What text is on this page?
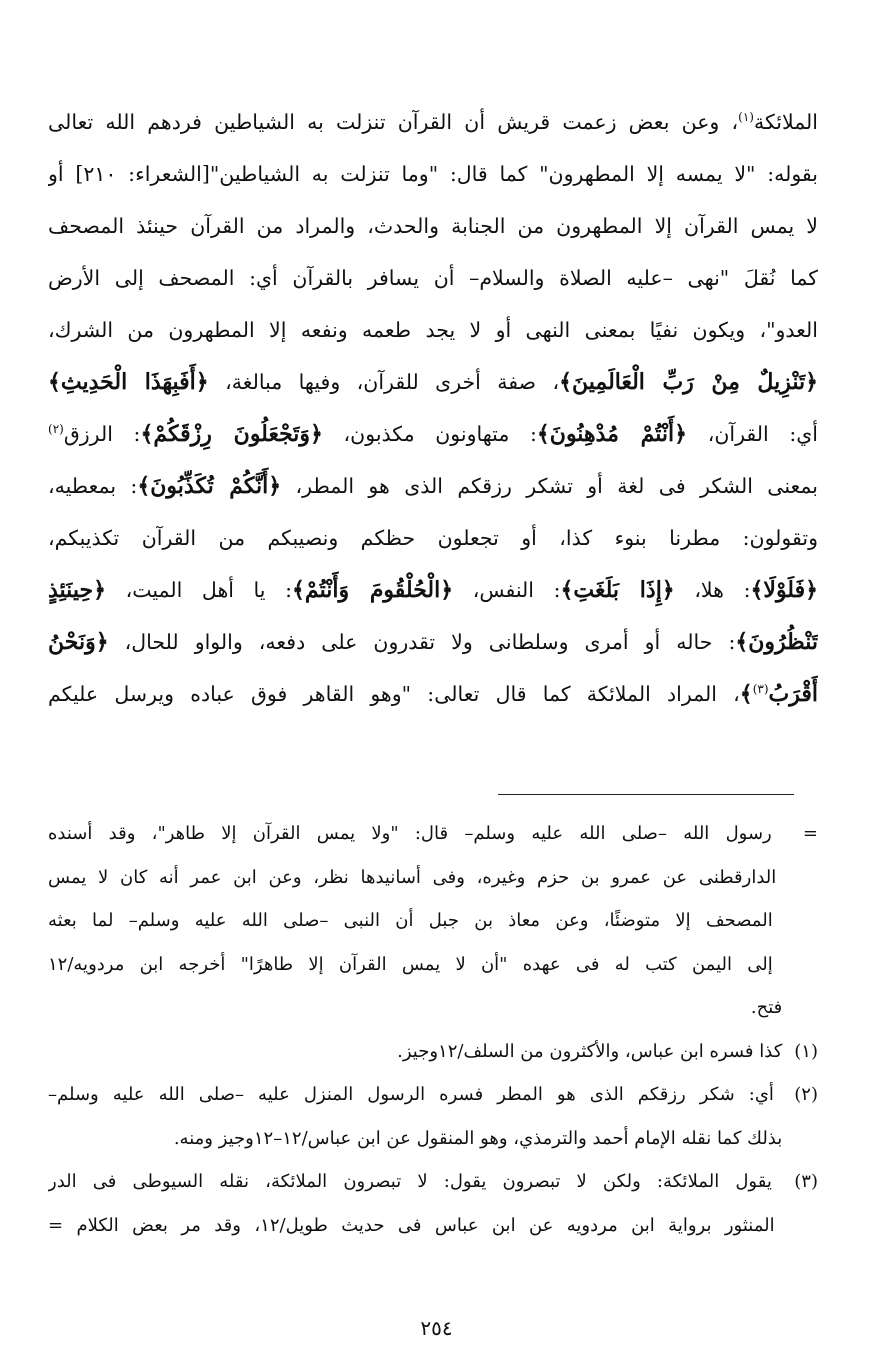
الملائكة$^{(١)}$، وعن بعض زعمت قريش أن القرآن تنزلت به الشياطين فردهم الله تعالى
بقوله: "لا يمسه إلا المطهرون" كما قال: "وما تنزلت به الشياطين"[الشعراء: ٢١٠] أو
لا يمس القرآن إلا المطهرون من الجنابة والحدث، والمراد من القرآن حينئذ المصحف
كما نُقلَ "نهى –عليه الصلاة والسلام– أن يسافر بالقرآن أي: المصحف إلى الأرض
العدو"، ويكون نفيًا بمعنى النهى أو لا يجد طعمه ونفعه إلا المطهرون من الشرك،
﴿تَنْزِيلٌ مِنْ رَبِّ الْعَالَمِينَ﴾، صفة أخرى للقرآن، وفيها مبالغة، ﴿أَفَبِهَذَا الْحَدِيثِ﴾
أي: القرآن، ﴿أَنْتُمْ مُدْهِنُونَ﴾: متهاونون مكذبون، ﴿وَتَجْعَلُونَ رِزْقَكُمْ﴾: الرزق$^{(٢)}$
بمعنى الشكر فى لغة أو تشكر رزقكم الذى هو المطر، ﴿أَنَّكُمْ تُكَذِّبُونَ﴾: بمعطيه،
وتقولون: مطرنا بنوء كذا، أو تجعلون حظكم ونصيبكم من القرآن تكذيبكم،
﴿فَلَوْلَا﴾: هلا، ﴿إِذَا بَلَغَتِ﴾: النفس، ﴿الْحُلْقُومَ وَأَنْتُمْ﴾: يا أهل الميت، ﴿حِينَئِذٍ
تَنْظُرُونَ﴾: حاله أو أمرى وسلطانى ولا تقدرون على دفعه، والواو للحال، ﴿وَنَحْنُ
أَقْرَبُ$^{(٣)}$﴾، المراد الملائكة كما قال تعالى: "وهو القاهر فوق عباده ويرسل عليكم
= رسول الله –صلى الله عليه وسلم– قال: "ولا يمس القرآن إلا طاهر"، وقد أسنده
الدارقطنى عن عمرو بن حزم وغيره، وفى أسانيدها نظر، وعن ابن عمر أنه كان لا يمس
المصحف إلا متوضئًا، وعن معاذ بن جبل أن النبى –صلى الله عليه وسلم– لما بعثه
إلى اليمن كتب له فى عهده "أن لا يمس القرآن إلا طاهرًا" أخرجه ابن مردويه/١٢
فتح.
(١) كذا فسره ابن عباس، والأكثرون من السلف/١٢وجيز.
(٢) أي: شكر رزقكم الذى هو المطر فسره الرسول المنزل عليه –صلى الله عليه وسلم–
بذلك كما نقله الإمام أحمد والترمذي، وهو المنقول عن ابن عباس/١٢–١٢وجيز ومنه.
(٣) يقول الملائكة: ولكن لا تبصرون يقول: لا تبصرون الملائكة، نقله السيوطى فى الدر
المنثور برواية ابن مردويه عن ابن عباس فى حديث طويل/١٢، وقد مر بعض الكلام =
٢٥٤
